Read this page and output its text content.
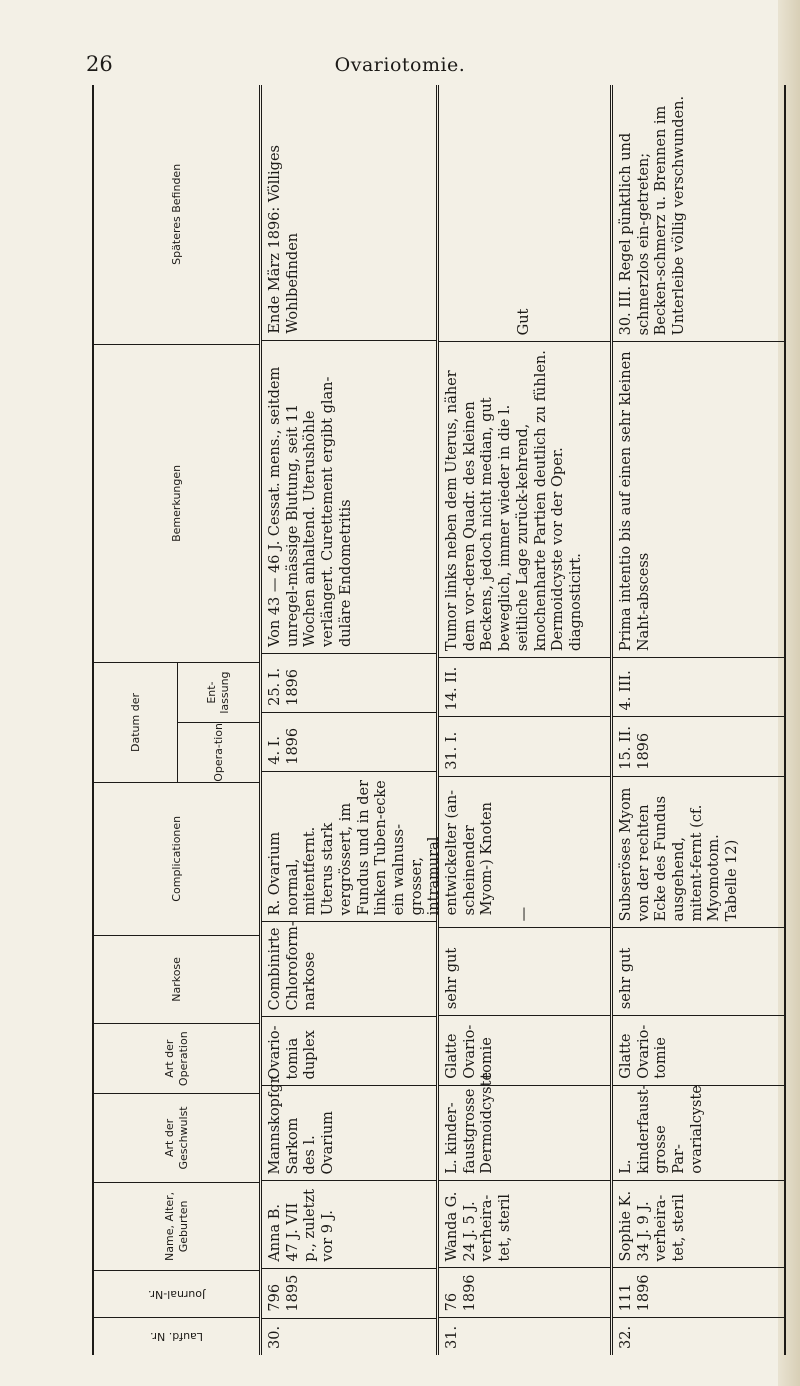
26	Ovariotomie.
Laufd. Nr.
Journal-Nr.
Name, Alter, Geburten
Art der Geschwulst
Art der Operation
Narkose
Complicationen
Datum der
Opera-tion
Ent-lassung
Bemerkungen
Späteres Befinden
30.
796 1895
Anna B. 47 J. VII p., zuletzt vor 9 J.
Mannskopfgr. Sarkom des l. Ovarium
Ovario-tomia duplex
Combinirte Chloroform-narkose
R. Ovarium normal, mitentfernt. Uterus stark vergrössert, im Fundus und in der linken Tuben-ecke ein walnuss-grosser, intramural entwickelter (an-scheinender Myom-) Knoten
4. I. 1896
25. I. 1896
Von 43 — 46 J. Cessat. mens., seitdem unregel-mässige Blutung, seit 11 Wochen anhaltend. Uterushöhle verlängert. Curettement ergibt glan-duläre Endometritis
Ende März 1896: Völliges Wohlbefinden
31.
76 1896
Wanda G. 24 J. 5 J. verheira-tet, steril
L. kinder-faustgrosse Dermoidcyste
Glatte Ovario-tomie
sehr gut
—
31. I.
14. II.
Tumor links neben dem Uterus, näher dem vor-deren Quadr. des kleinen Beckens, jedoch nicht median, gut beweglich, immer wieder in die l. seitliche Lage zurück-kehrend, knochenharte Partien deutlich zu fühlen. Dermoidcyste vor der Oper. diagnosticirt.
Gut
32.
111 1896
Sophie K. 34 J. 9 J. verheira-tet, steril
L. kinderfaust-grosse Par-ovarialcyste
Glatte Ovario-tomie
sehr gut
Subseröses Myom von der rechten Ecke des Fundus ausgehend, mitent-fernt (cf. Myomotom. Tabelle 12)
15. II. 1896
4. III.
Prima intentio bis auf einen sehr kleinen Naht-abscess
30. III. Regel pünktlich und schmerzlos ein-getreten; Becken-schmerz u. Brennen im Unterleibe völlig verschwunden.
